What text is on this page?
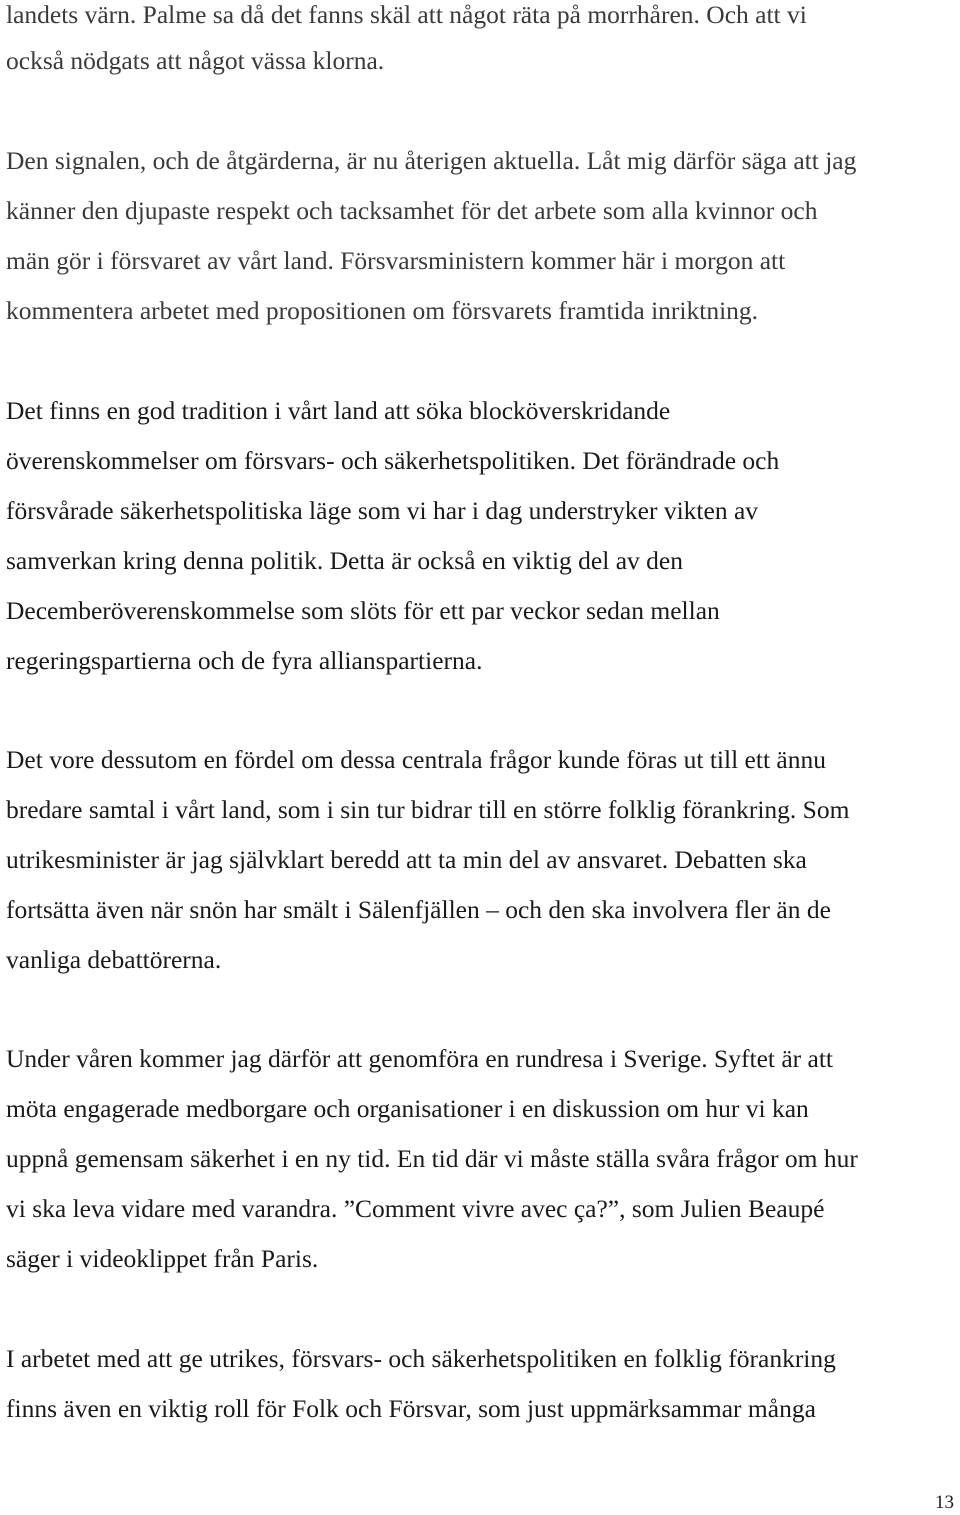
landets värn. Palme sa då det fanns skäl att något räta på morrhåren. Och att vi

också nödgats att något vässa klorna.

Den signalen, och de åtgärderna, är nu återigen aktuella. Låt mig därför säga att jag

känner den djupaste respekt och tacksamhet för det arbete som alla kvinnor och

män gör i försvaret av vårt land. Försvarsministern kommer här i morgon att

kommentera arbetet med propositionen om försvarets framtida inriktning.

Det finns en god tradition i vårt land att söka blocköverskridande

överenskommelser om försvars- och säkerhetspolitiken. Det förändrade och

försvårade säkerhetspolitiska läge som vi har i dag understryker vikten av

samverkan kring denna politik. Detta är också en viktig del av den

Decemberöverenskommelse som slöts för ett par veckor sedan mellan

regeringspartierna och de fyra allianspartierna.

Det vore dessutom en fördel om dessa centrala frågor kunde föras ut till ett ännu

bredare samtal i vårt land, som i sin tur bidrar till en större folklig förankring. Som

utrikesminister är jag självklart beredd att ta min del av ansvaret. Debatten ska

fortsätta även när snön har smält i Sälenfjällen – och den ska involvera fler än de

vanliga debattörerna.

Under våren kommer jag därför att genomföra en rundresa i Sverige. Syftet är att

möta engagerade medborgare och organisationer i en diskussion om hur vi kan

uppnå gemensam säkerhet i en ny tid. En tid där vi måste ställa svåra frågor om hur

vi ska leva vidare med varandra. ”Comment vivre avec ça?”, som Julien Beaupé

säger i videoklippet från Paris.

I arbetet med att ge utrikes, försvars- och säkerhetspolitiken en folklig förankring

finns även en viktig roll för Folk och Försvar, som just uppmärksammar många

13
